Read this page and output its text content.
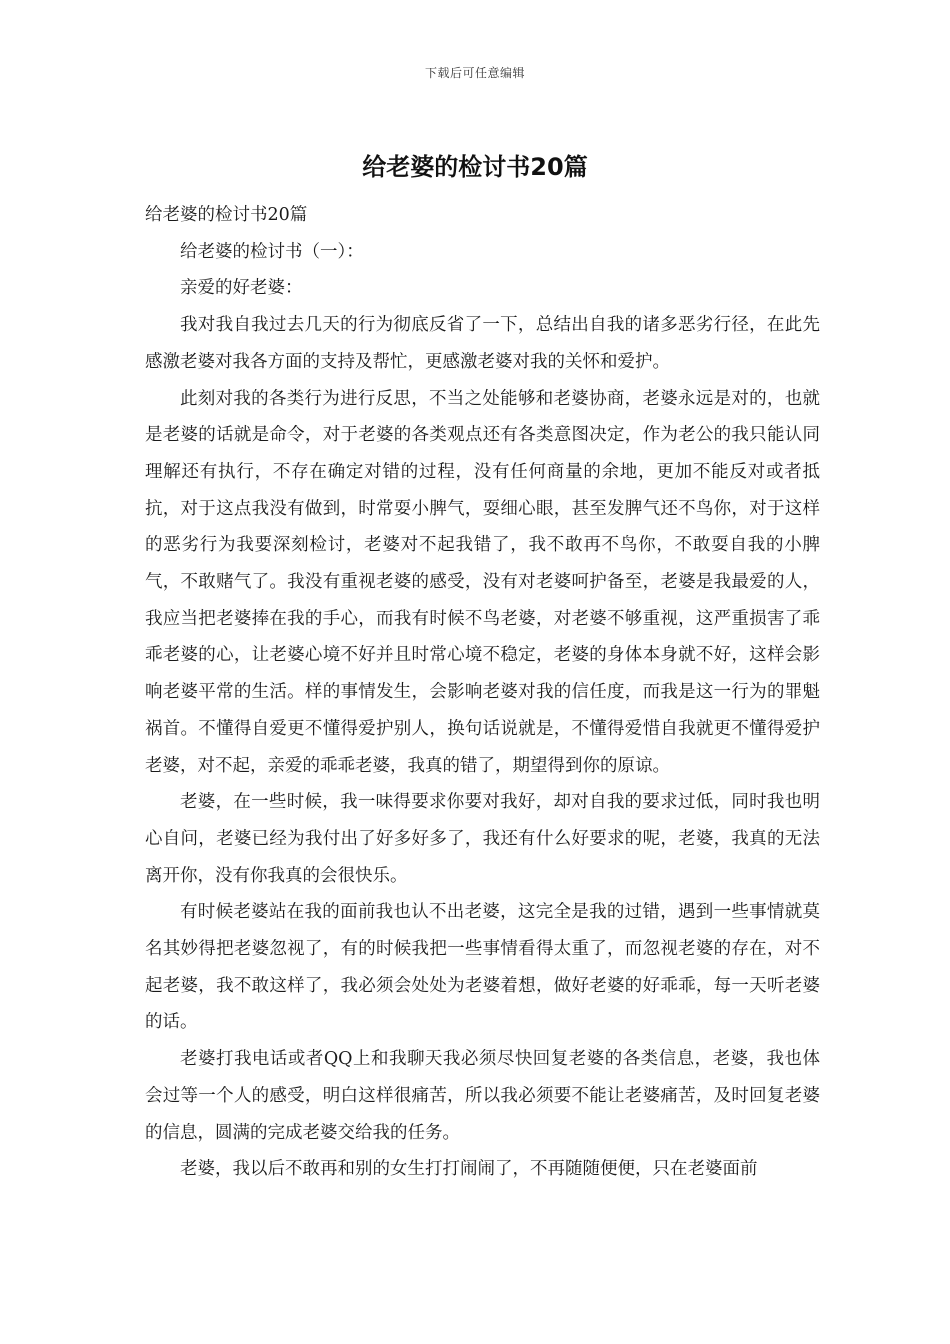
下载后可任意编辑
给老婆的检讨书20篇

给老婆的检讨书20篇

给老婆的检讨书（一）：

亲爱的好老婆：

我对我自我过去几天的行为彻底反省了一下，总结出自我的诸多恶劣行径，在此先感激老婆对我各方面的支持及帮忙，更感激老婆对我的关怀和爱护。

此刻对我的各类行为进行反思，不当之处能够和老婆协商，老婆永远是对的，也就是老婆的话就是命令，对于老婆的各类观点还有各类意图决定，作为老公的我只能认同理解还有执行，不存在确定对错的过程，没有任何商量的余地，更加不能反对或者抵抗，对于这点我没有做到，时常耍小脾气，耍细心眼，甚至发脾气还不鸟你，对于这样的恶劣行为我要深刻检讨，老婆对不起我错了，我不敢再不鸟你，不敢耍自我的小脾气，不敢赌气了。我没有重视老婆的感受，没有对老婆呵护备至，老婆是我最爱的人，我应当把老婆捧在我的手心，而我有时候不鸟老婆，对老婆不够重视，这严重损害了乖乖老婆的心，让老婆心境不好并且时常心境不稳定，老婆的身体本身就不好，这样会影响老婆平常的生活。样的事情发生，会影响老婆对我的信任度，而我是这一行为的罪魁祸首。不懂得自爱更不懂得爱护别人，换句话说就是，不懂得爱惜自我就更不懂得爱护老婆，对不起，亲爱的乖乖老婆，我真的错了，期望得到你的原谅。

老婆，在一些时候，我一味得要求你要对我好，却对自我的要求过低，同时我也明心自问，老婆已经为我付出了好多好多了，我还有什么好要求的呢，老婆，我真的无法离开你，没有你我真的会很快乐。

有时候老婆站在我的面前我也认不出老婆，这完全是我的过错，遇到一些事情就莫名其妙得把老婆忽视了，有的时候我把一些事情看得太重了，而忽视老婆的存在，对不起老婆，我不敢这样了，我必须会处处为老婆着想，做好老婆的好乖乖，每一天听老婆的话。

老婆打我电话或者QQ上和我聊天我必须尽快回复老婆的各类信息，老婆，我也体会过等一个人的感受，明白这样很痛苦，所以我必须要不能让老婆痛苦，及时回复老婆的信息，圆满的完成老婆交给我的任务。

老婆，我以后不敢再和别的女生打打闹闹了，不再随随便便，只在老婆面前
